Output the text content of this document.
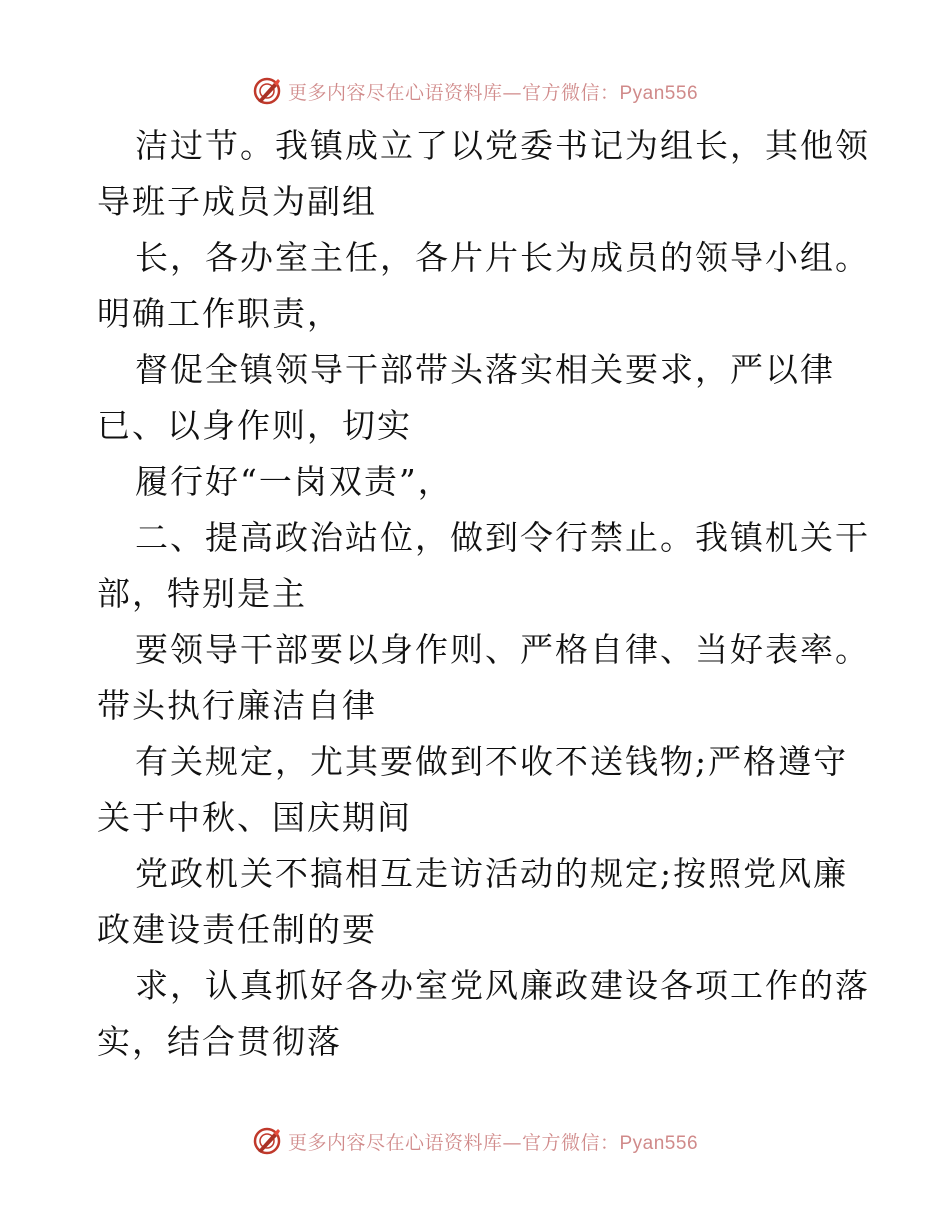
更多内容尽在心语资料库—官方微信：Pyan556
洁过节。我镇成立了以党委书记为组长，其他领
导班子成员为副组
长，各办室主任，各片片长为成员的领导小组。
明确工作职责，
督促全镇领导干部带头落实相关要求，严以律
已、以身作则，切实
履行好“一岗双责”，
二、提高政治站位，做到令行禁止。我镇机关干
部，特别是主
要领导干部要以身作则、严格自律、当好表率。
带头执行廉洁自律
有关规定，尤其要做到不收不送钱物;严格遵守
关于中秋、国庆期间
党政机关不搞相互走访活动的规定;按照党风廉
政建设责任制的要
求，认真抓好各办室党风廉政建设各项工作的落
实，结合贯彻落
更多内容尽在心语资料库—官方微信：Pyan556
